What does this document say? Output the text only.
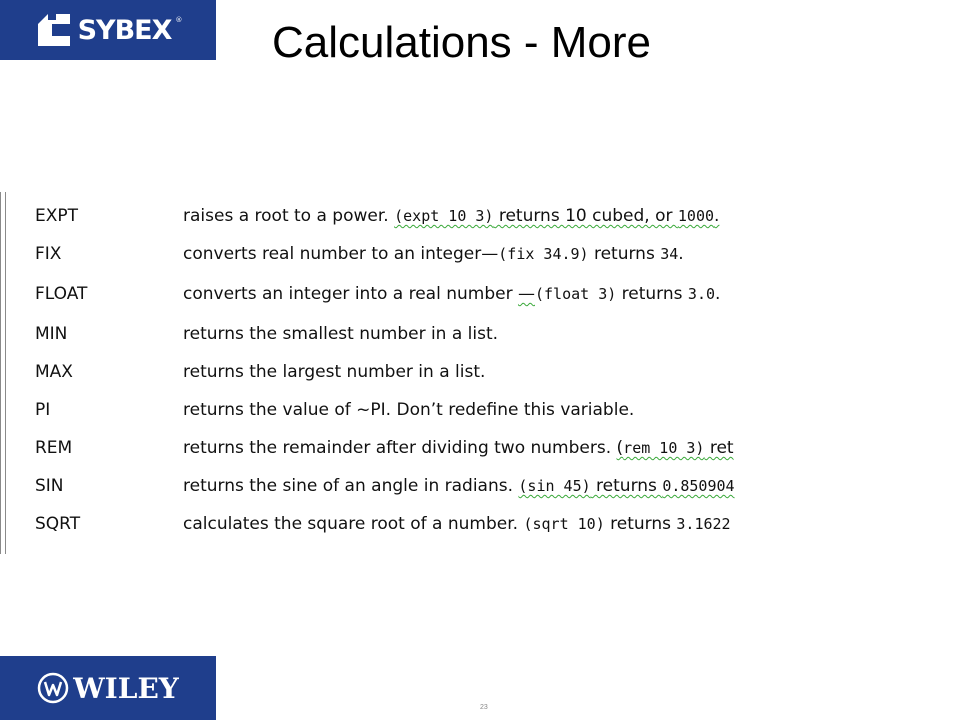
SYBEX ® Calculations - More
EXPT	raises a root to a power. (expt 10 3) returns 10 cubed, or 1000.
FIX	converts real number to an integer—(fix 34.9) returns 34.
FLOAT	converts an integer into a real number —(float 3) returns 3.0.
MIN	returns the smallest number in a list.
MAX	returns the largest number in a list.
PI	returns the value of ~PI. Don’t redefine this variable.
REM	returns the remainder after dividing two numbers. (rem 10 3) ret
SIN	returns the sine of an angle in radians. (sin 45) returns 0.850904
SQRT	calculates the square root of a number. (sqrt 10) returns 3.1622
WILEY
23
